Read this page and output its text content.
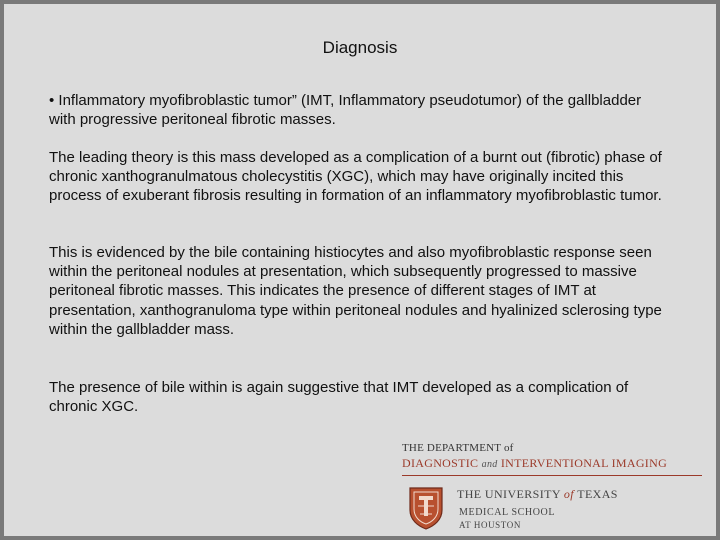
Diagnosis

• Inflammatory myofibroblastic tumor” (IMT, Inflammatory pseudotumor) of the gallbladder with progressive peritoneal fibrotic masses.

The leading theory is this mass developed as a complication of a burnt out (fibrotic) phase of chronic xanthogranulmatous cholecystitis (XGC), which may have originally incited this process of exuberant fibrosis resulting in formation of an inflammatory myofibroblastic tumor.

This is evidenced by the bile containing histiocytes and also myofibroblastic response seen within the peritoneal nodules at presentation, which subsequently progressed to massive peritoneal fibrotic masses. This indicates the presence of different stages of IMT at presentation, xanthogranuloma type within peritoneal nodules and hyalinized sclerosing type within the gallbladder mass.

The presence of bile within is again suggestive that IMT developed as a complication of chronic XGC.

THE DEPARTMENT of
DIAGNOSTIC and INTERVENTIONAL IMAGING
THE UNIVERSITY of TEXAS
MEDICAL SCHOOL
AT HOUSTON
